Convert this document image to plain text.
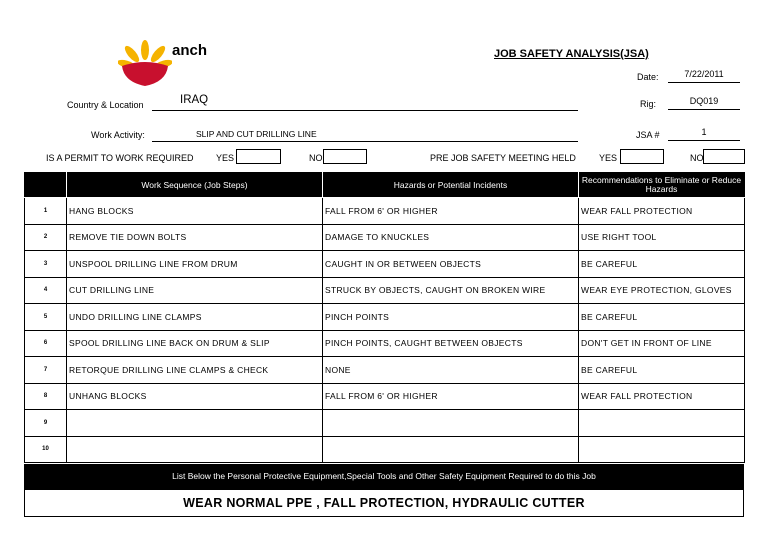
anch	JOB SAFETY ANALYSIS(JSA)
Date:	7/22/2011
Country & Location	IRAQ	Rig:	DQ019
Work Activity:	SLIP AND CUT DRILLING LINE	JSA #	1
IS A PERMIT TO WORK REQUIRED YES	NO	PRE JOB SAFETY MEETING HELD	YES	NO
	Work Sequence (Job Steps)	Hazards or Potential Incidents	Recommendations to Eliminate or Reduce Hazards
1	HANG BLOCKS	FALL FROM 6' OR HIGHER	WEAR FALL PROTECTION
2	REMOVE TIE DOWN BOLTS	DAMAGE TO KNUCKLES	USE RIGHT TOOL
3	UNSPOOL DRILLING LINE FROM DRUM	CAUGHT IN OR BETWEEN OBJECTS	BE CAREFUL
4	CUT DRILLING LINE	STRUCK BY OBJECTS, CAUGHT ON BROKEN WIRE	WEAR EYE PROTECTION, GLOVES
5	UNDO DRILLING LINE CLAMPS	PINCH POINTS	BE CAREFUL
6	SPOOL DRILLING LINE BACK ON DRUM & SLIP	PINCH POINTS, CAUGHT BETWEEN OBJECTS	DON'T GET IN FRONT OF LINE
7	RETORQUE DRILLING LINE CLAMPS & CHECK	NONE	BE CAREFUL
8	UNHANG BLOCKS	FALL FROM 6' OR HIGHER	WEAR FALL PROTECTION
9			
10			
List Below the Personal Protective Equipment,Special Tools and Other Safety Equipment Required to do this Job
WEAR NORMAL PPE , FALL PROTECTION, HYDRAULIC CUTTER
